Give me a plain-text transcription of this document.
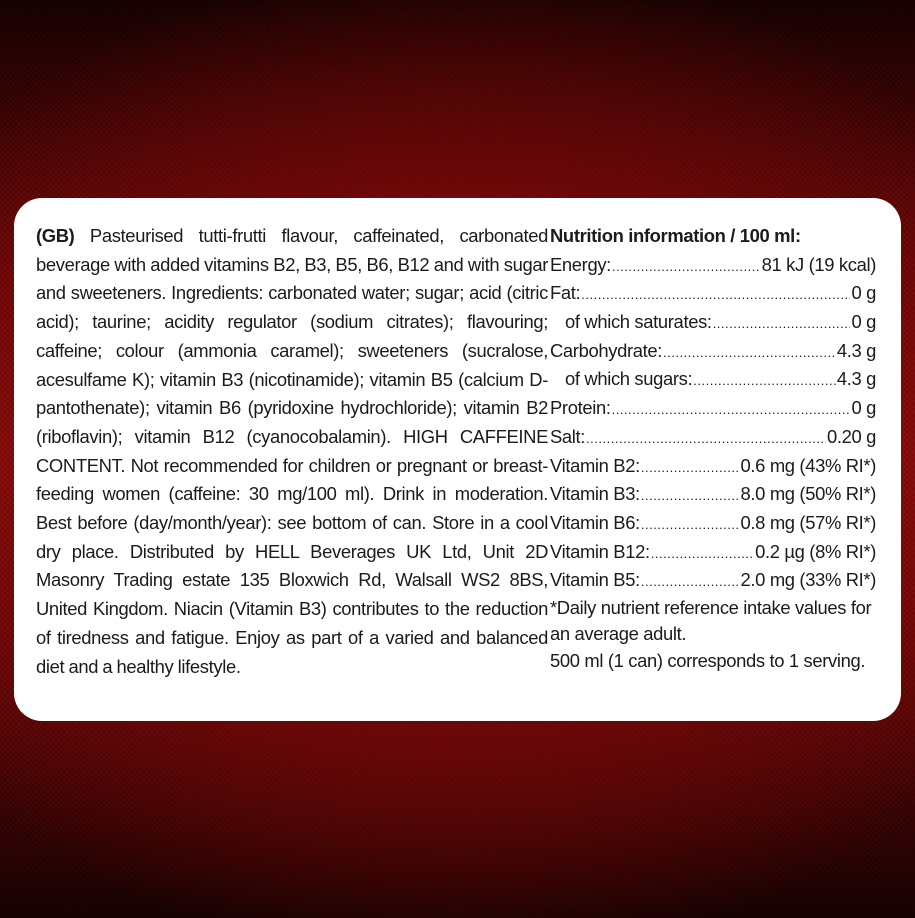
(GB) Pasteurised tutti-frutti flavour, caffeinated, carbonated beverage with added vitamins B2, B3, B5, B6, B12 and with sugar and sweeteners. Ingredients: carbonated water; sugar; acid (citric acid); taurine; acidity regulator (sodium citrates); flavouring; caffeine; colour (ammonia caramel); sweeteners (sucralose, acesulfame K); vitamin B3 (nicotinamide); vitamin B5 (calcium D-pantothenate); vitamin B6 (pyridoxine hydrochloride); vitamin B2 (riboflavin); vitamin B12 (cyanocobalamin). HIGH CAFFEINE CONTENT. Not recommended for children or pregnant or breast-feeding women (caffeine: 30 mg/100 ml). Drink in moderation. Best before (day/month/year): see bottom of can. Store in a cool dry place. Distributed by HELL Beverages UK Ltd, Unit 2D Masonry Trading estate 135 Bloxwich Rd, Walsall WS2 8BS, United Kingdom. Niacin (Vitamin B3) contributes to the reduction of tiredness and fatigue. Enjoy as part of a varied and balanced diet and a healthy lifestyle.
Nutrition information / 100 ml:
Energy: .....	81 kJ (19 kcal)
Fat: .....	0 g
of which saturates: .....	0 g
Carbohydrate: .....	4.3 g
of which sugars: .....	4.3 g
Protein: .....	0 g
Salt: .....	0.20 g
Vitamin B2: .....	0.6 mg (43% RI*)
Vitamin B3: .....	8.0 mg (50% RI*)
Vitamin B6: .....	0.8 mg (57% RI*)
Vitamin B12: .....	0.2 µg (8% RI*)
Vitamin B5: .....	2.0 mg (33% RI*)
*Daily nutrient reference intake values for an average adult.
500 ml (1 can) corresponds to 1 serving.
